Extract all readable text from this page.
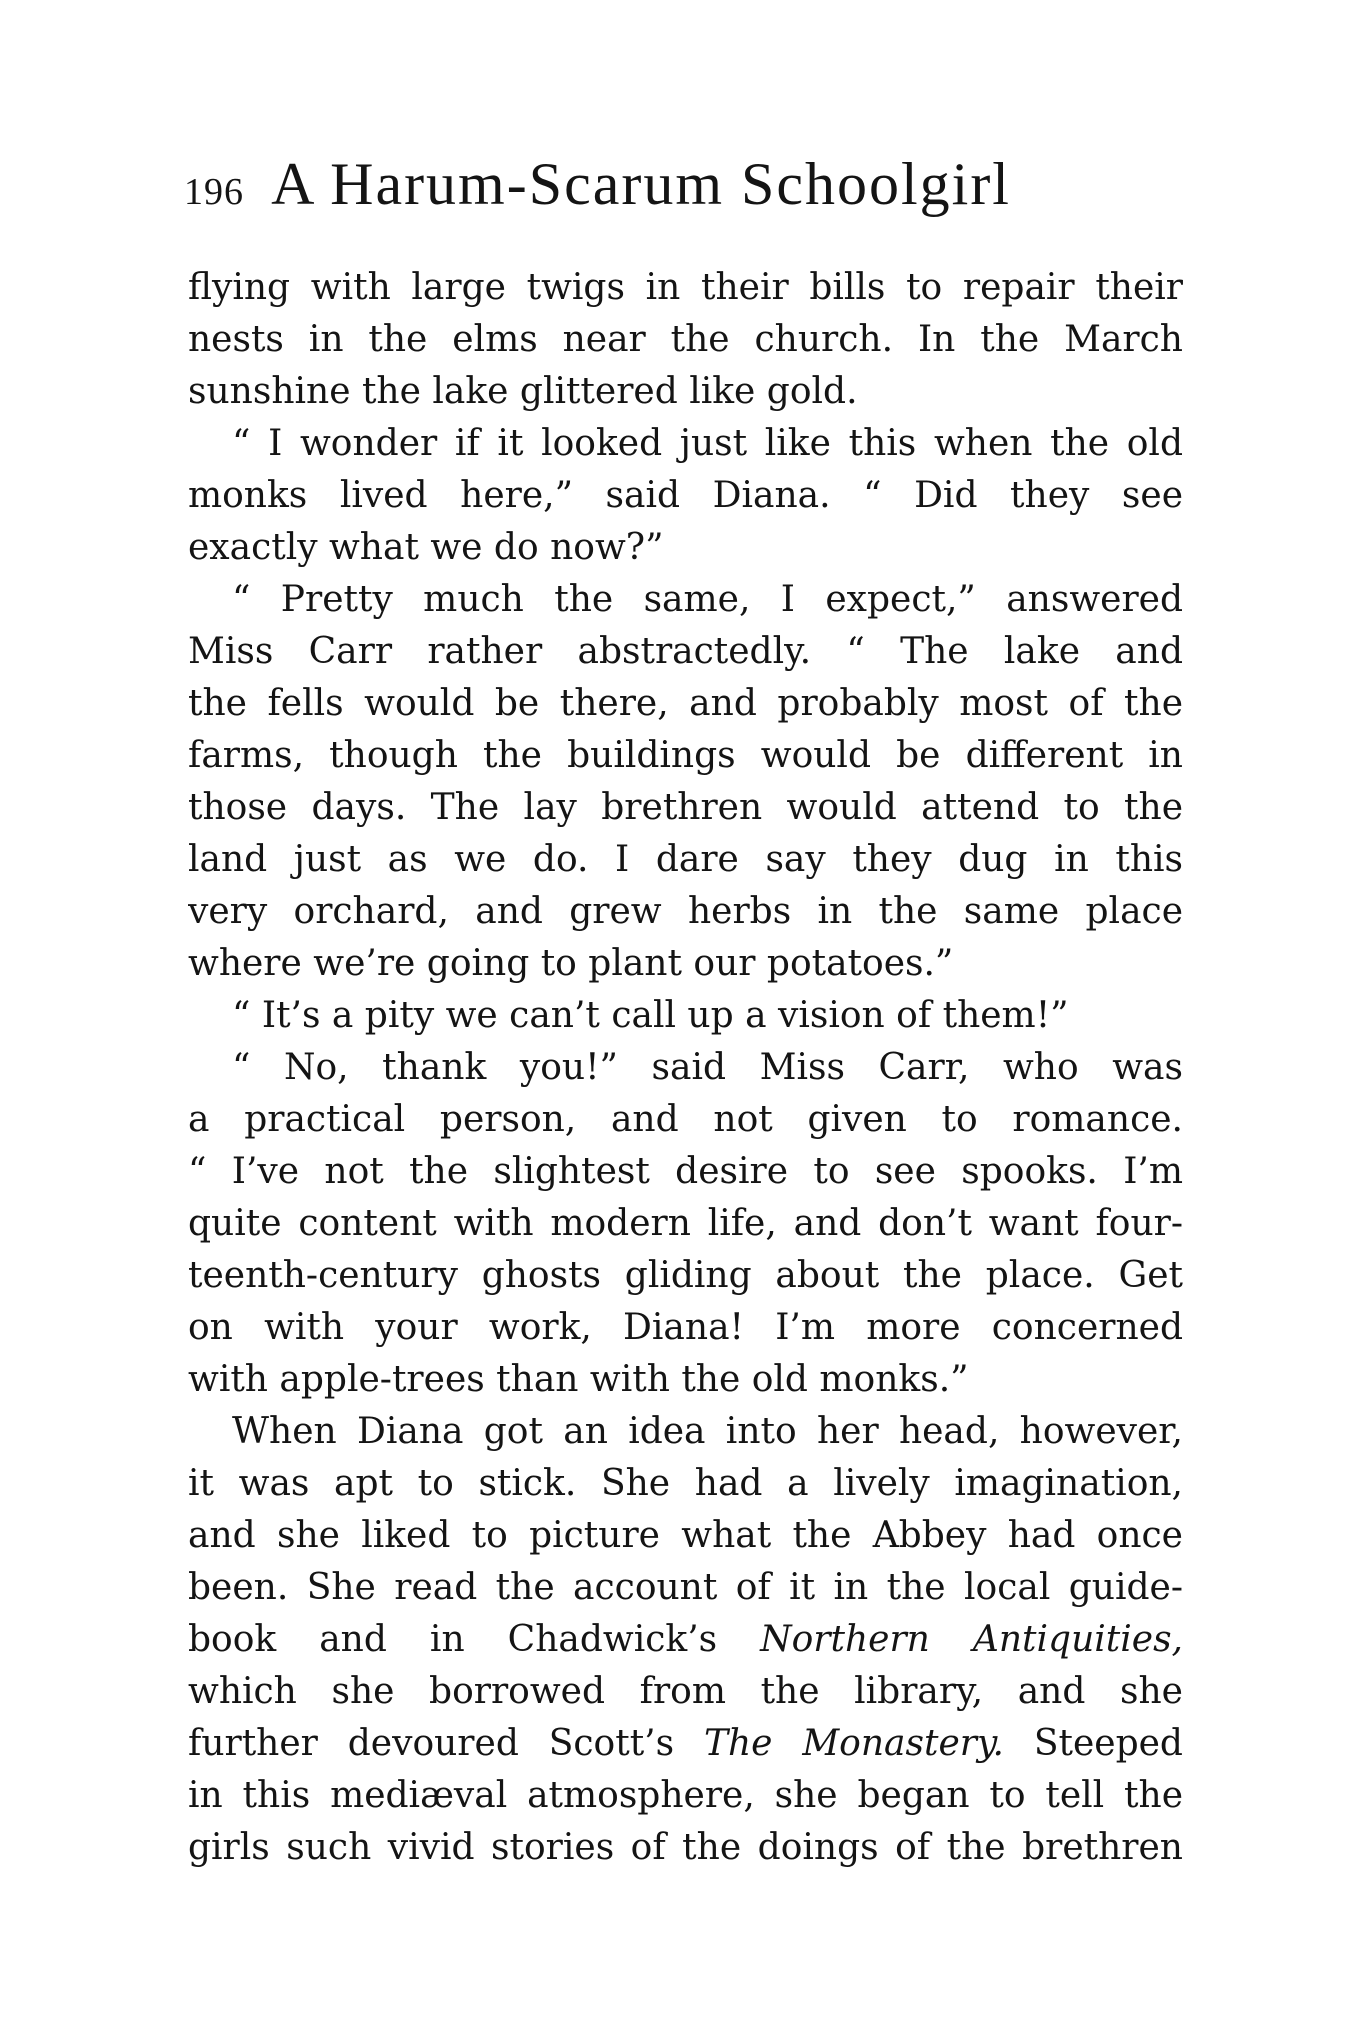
196 A Harum-Scarum Schoolgirl
flying with large twigs in their bills to repair their
nests in the elms near the church. In the March
sunshine the lake glittered like gold.
“ I wonder if it looked just like this when the old
monks lived here,” said Diana. “ Did they see
exactly what we do now?”
“ Pretty much the same, I expect,” answered
Miss Carr rather abstractedly. “ The lake and
the fells would be there, and probably most of the
farms, though the buildings would be different in
those days. The lay brethren would attend to the
land just as we do. I dare say they dug in this
very orchard, and grew herbs in the same place
where we’re going to plant our potatoes.”
“ It’s a pity we can’t call up a vision of them!”
“ No, thank you!” said Miss Carr, who was
a practical person, and not given to romance.
“ I’ve not the slightest desire to see spooks. I’m
quite content with modern life, and don’t want four-
teenth-century ghosts gliding about the place. Get
on with your work, Diana! I’m more concerned
with apple-trees than with the old monks.”
When Diana got an idea into her head, however,
it was apt to stick. She had a lively imagination,
and she liked to picture what the Abbey had once
been. She read the account of it in the local guide-
book and in Chadwick’s Northern Antiquities,
which she borrowed from the library, and she
further devoured Scott’s The Monastery. Steeped
in this mediæval atmosphere, she began to tell the
girls such vivid stories of the doings of the brethren
